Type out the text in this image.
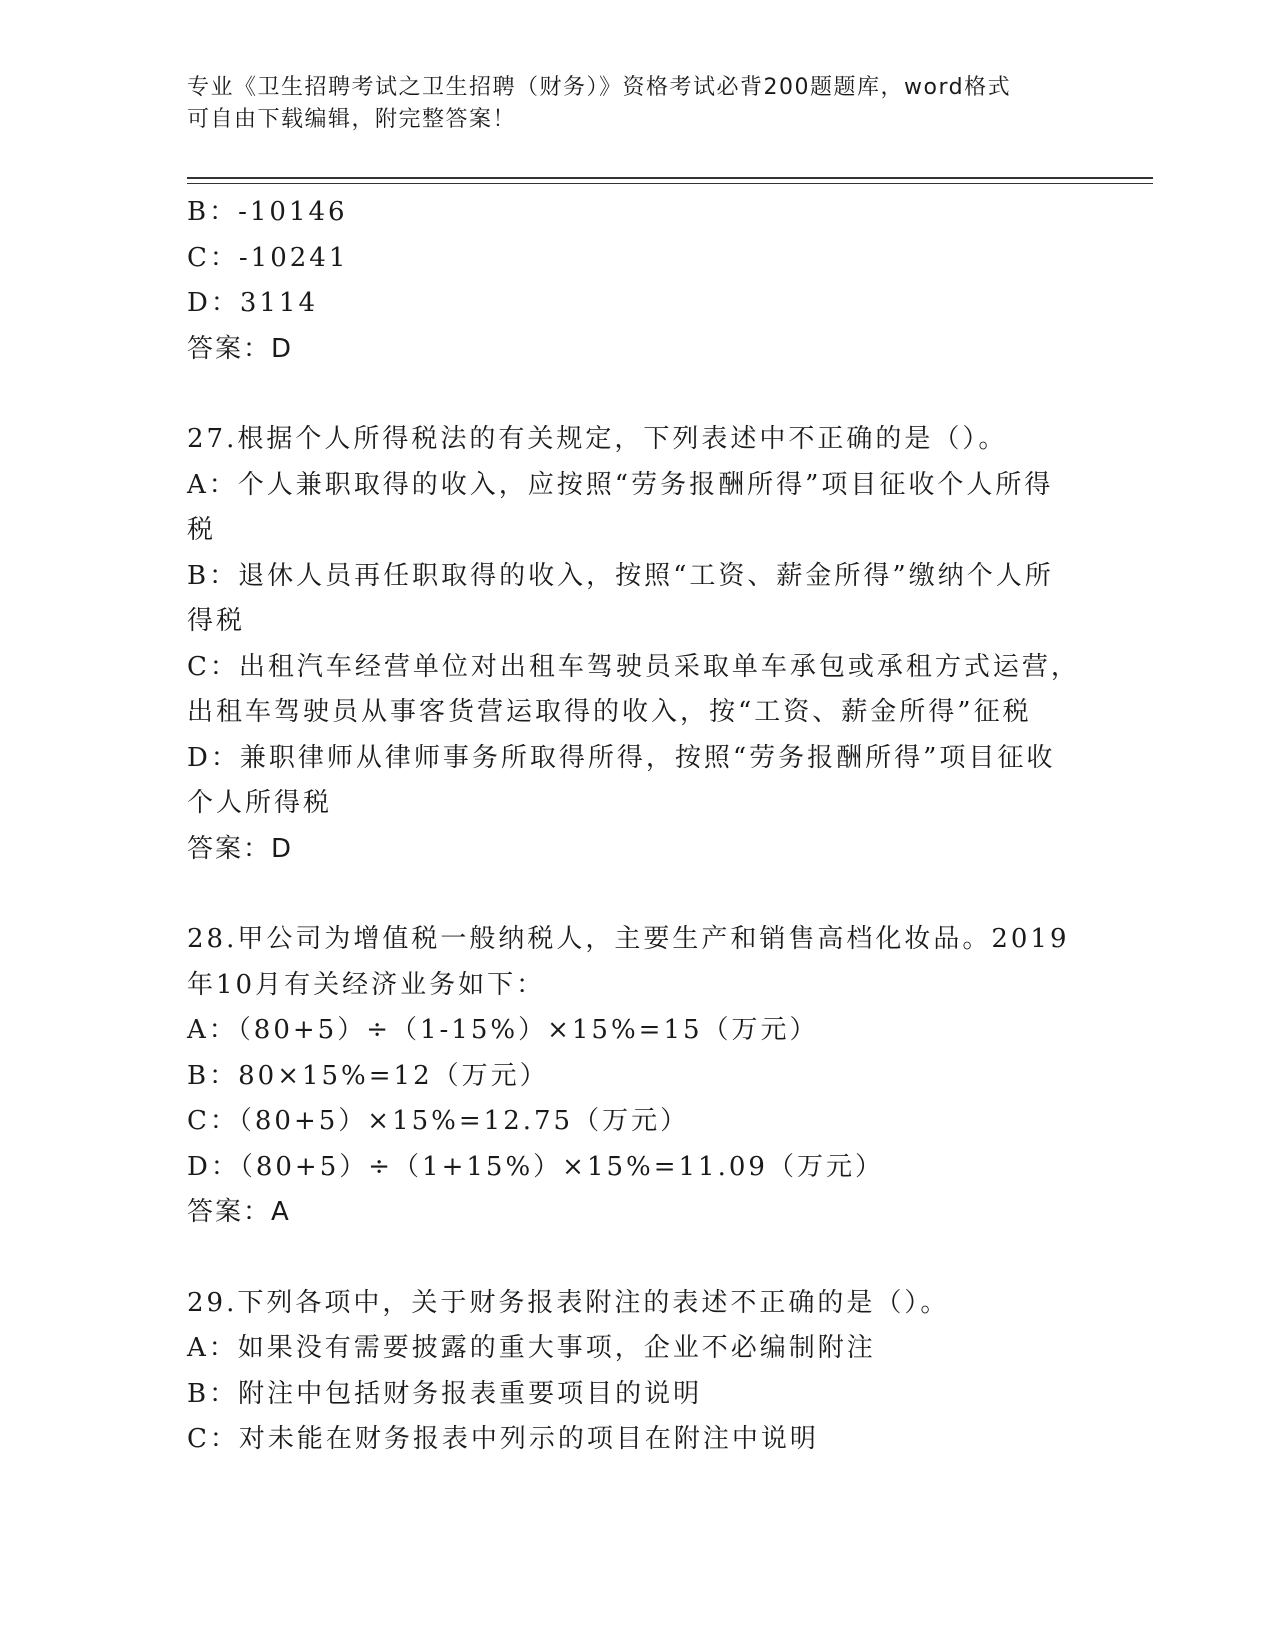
专业《卫生招聘考试之卫生招聘（财务）》资格考试必背200题题库，word格式
可自由下载编辑，附完整答案！
B：-10146
C：-10241
D：3114
答案：D
27.根据个人所得税法的有关规定，下列表述中不正确的是（）。
A：个人兼职取得的收入，应按照“劳务报酬所得”项目征收个人所得
税
B：退休人员再任职取得的收入，按照“工资、薪金所得”缴纳个人所
得税
C：出租汽车经营单位对出租车驾驶员采取单车承包或承租方式运营，
出租车驾驶员从事客货营运取得的收入，按“工资、薪金所得”征税
D：兼职律师从律师事务所取得所得，按照“劳务报酬所得”项目征收
个人所得税
答案：D
28.甲公司为增值税一般纳税人，主要生产和销售高档化妆品。2019
年10月有关经济业务如下：
A：（80+5）÷（1-15%）×15%=15（万元）
B：80×15%=12（万元）
C：（80+5）×15%=12.75（万元）
D：（80+5）÷（1+15%）×15%=11.09（万元）
答案：A
29.下列各项中，关于财务报表附注的表述不正确的是（）。
A：如果没有需要披露的重大事项，企业不必编制附注
B：附注中包括财务报表重要项目的说明
C：对未能在财务报表中列示的项目在附注中说明
